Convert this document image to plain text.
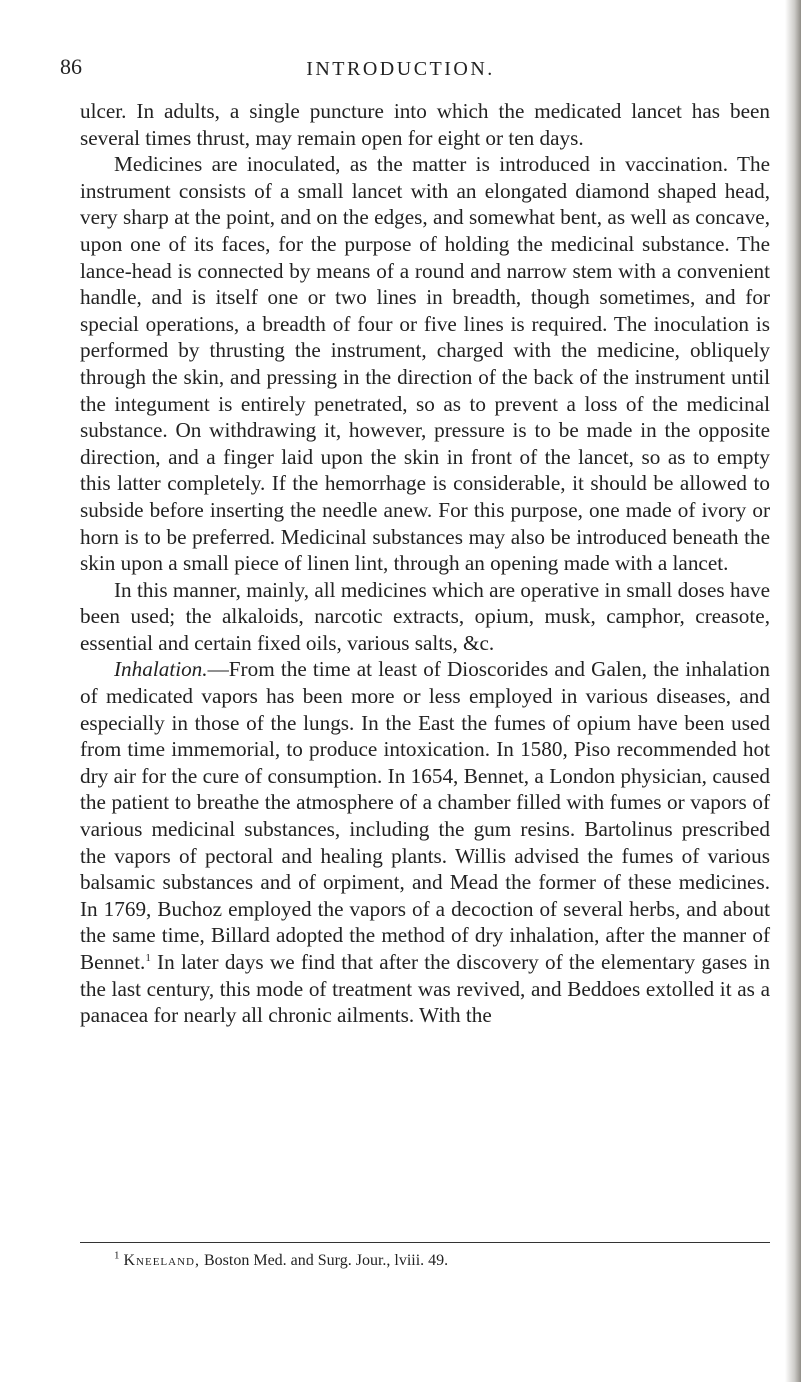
86	INTRODUCTION.

ulcer. In adults, a single puncture into which the medicated lancet has been several times thrust, may remain open for eight or ten days.

Medicines are inoculated, as the matter is introduced in vaccination. The instrument consists of a small lancet with an elongated diamond shaped head, very sharp at the point, and on the edges, and somewhat bent, as well as concave, upon one of its faces, for the purpose of holding the medicinal substance. The lance-head is connected by means of a round and narrow stem with a convenient handle, and is itself one or two lines in breadth, though sometimes, and for special operations, a breadth of four or five lines is required. The inoculation is performed by thrusting the instrument, charged with the medicine, obliquely through the skin, and pressing in the direction of the back of the instrument until the integument is entirely penetrated, so as to prevent a loss of the medicinal substance. On withdrawing it, however, pressure is to be made in the opposite direction, and a finger laid upon the skin in front of the lancet, so as to empty this latter completely. If the hemorrhage is considerable, it should be allowed to subside before inserting the needle anew. For this purpose, one made of ivory or horn is to be preferred. Medicinal substances may also be introduced beneath the skin upon a small piece of linen lint, through an opening made with a lancet.

In this manner, mainly, all medicines which are operative in small doses have been used; the alkaloids, narcotic extracts, opium, musk, camphor, creasote, essential and certain fixed oils, various salts, &c.

Inhalation.—From the time at least of Dioscorides and Galen, the inhalation of medicated vapors has been more or less employed in various diseases, and especially in those of the lungs. In the East the fumes of opium have been used from time immemorial, to produce intoxication. In 1580, Piso recommended hot dry air for the cure of consumption. In 1654, Bennet, a London physician, caused the patient to breathe the atmosphere of a chamber filled with fumes or vapors of various medicinal substances, including the gum resins. Bartolinus prescribed the vapors of pectoral and healing plants. Willis advised the fumes of various balsamic substances and of orpiment, and Mead the former of these medicines. In 1769, Buchoz employed the vapors of a decoction of several herbs, and about the same time, Billard adopted the method of dry inhalation, after the manner of Bennet.$^1$ In later days we find that after the discovery of the elementary gases in the last century, this mode of treatment was revived, and Beddoes extolled it as a panacea for nearly all chronic ailments. With the

$^1$ Kneeland, Boston Med. and Surg. Jour., lviii. 49.
